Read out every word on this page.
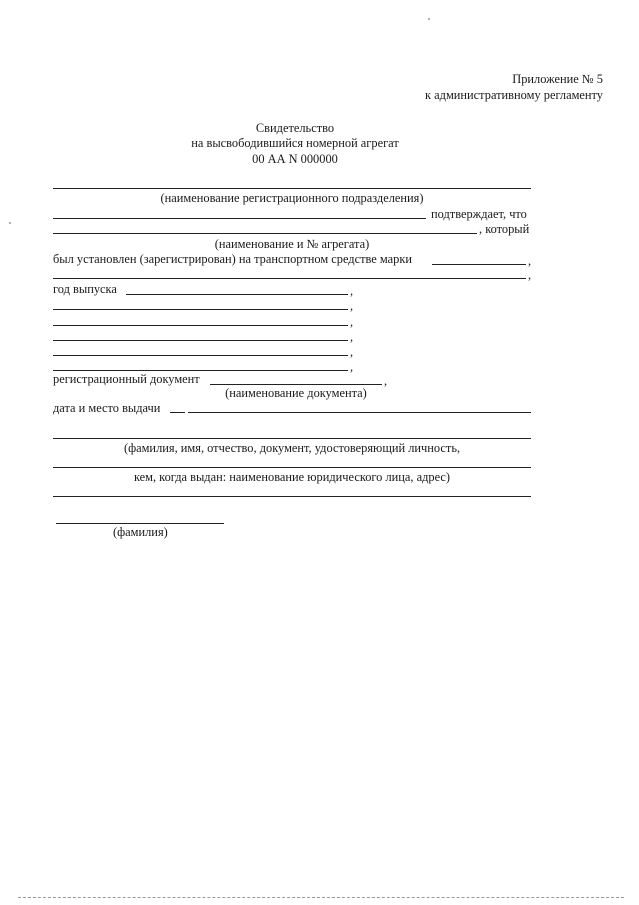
Приложение № 5
к административному регламенту
Свидетельство
на высвободившийся номерной агрегат
00 АА N 000000
(наименование регистрационного подразделения)
подтверждает, что
, который
(наименование и № агрегата)
был установлен (зарегистрирован) на транспортном средстве марки	,
,
год выпуска	,
,
,
,
,
,
регистрационный документ	,
(наименование документа)
дата и место выдачи
(фамилия, имя, отчество, документ, удостоверяющий личность,
кем, когда выдан: наименование юридического лица, адрес)
(фамилия)
